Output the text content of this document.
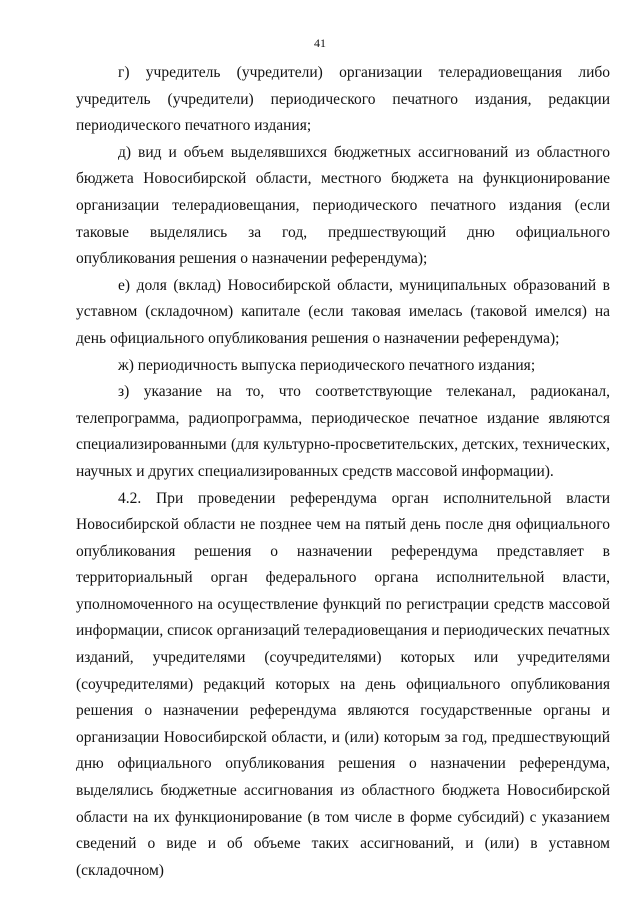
41

г) учредитель (учредители) организации телерадиовещания либо учредитель (учредители) периодического печатного издания, редакции периодического печатного издания;

д) вид и объем выделявшихся бюджетных ассигнований из областного бюджета Новосибирской области, местного бюджета на функционирование организации телерадиовещания, периодического печатного издания (если таковые выделялись за год, предшествующий дню официального опубликования решения о назначении референдума);

е) доля (вклад) Новосибирской области, муниципальных образований в уставном (складочном) капитале (если таковая имелась (таковой имелся) на день официального опубликования решения о назначении референдума);

ж) периодичность выпуска периодического печатного издания;

з) указание на то, что соответствующие телеканал, радиоканал, телепрограмма, радиопрограмма, периодическое печатное издание являются специализированными (для культурно-просветительских, детских, технических, научных и других специализированных средств массовой информации).

4.2. При проведении референдума орган исполнительной власти Новосибирской области не позднее чем на пятый день после дня официального опубликования решения о назначении референдума представляет в территориальный орган федерального органа исполнительной власти, уполномоченного на осуществление функций по регистрации средств массовой информации, список организаций телерадиовещания и периодических печатных изданий, учредителями (соучредителями) которых или учредителями (соучредителями) редакций которых на день официального опубликования решения о назначении референдума являются государственные органы и организации Новосибирской области, и (или) которым за год, предшествующий дню официального опубликования решения о назначении референдума, выделялись бюджетные ассигнования из областного бюджета Новосибирской области на их функционирование (в том числе в форме субсидий) с указанием сведений о виде и об объеме таких ассигнований, и (или) в уставном (складочном)
